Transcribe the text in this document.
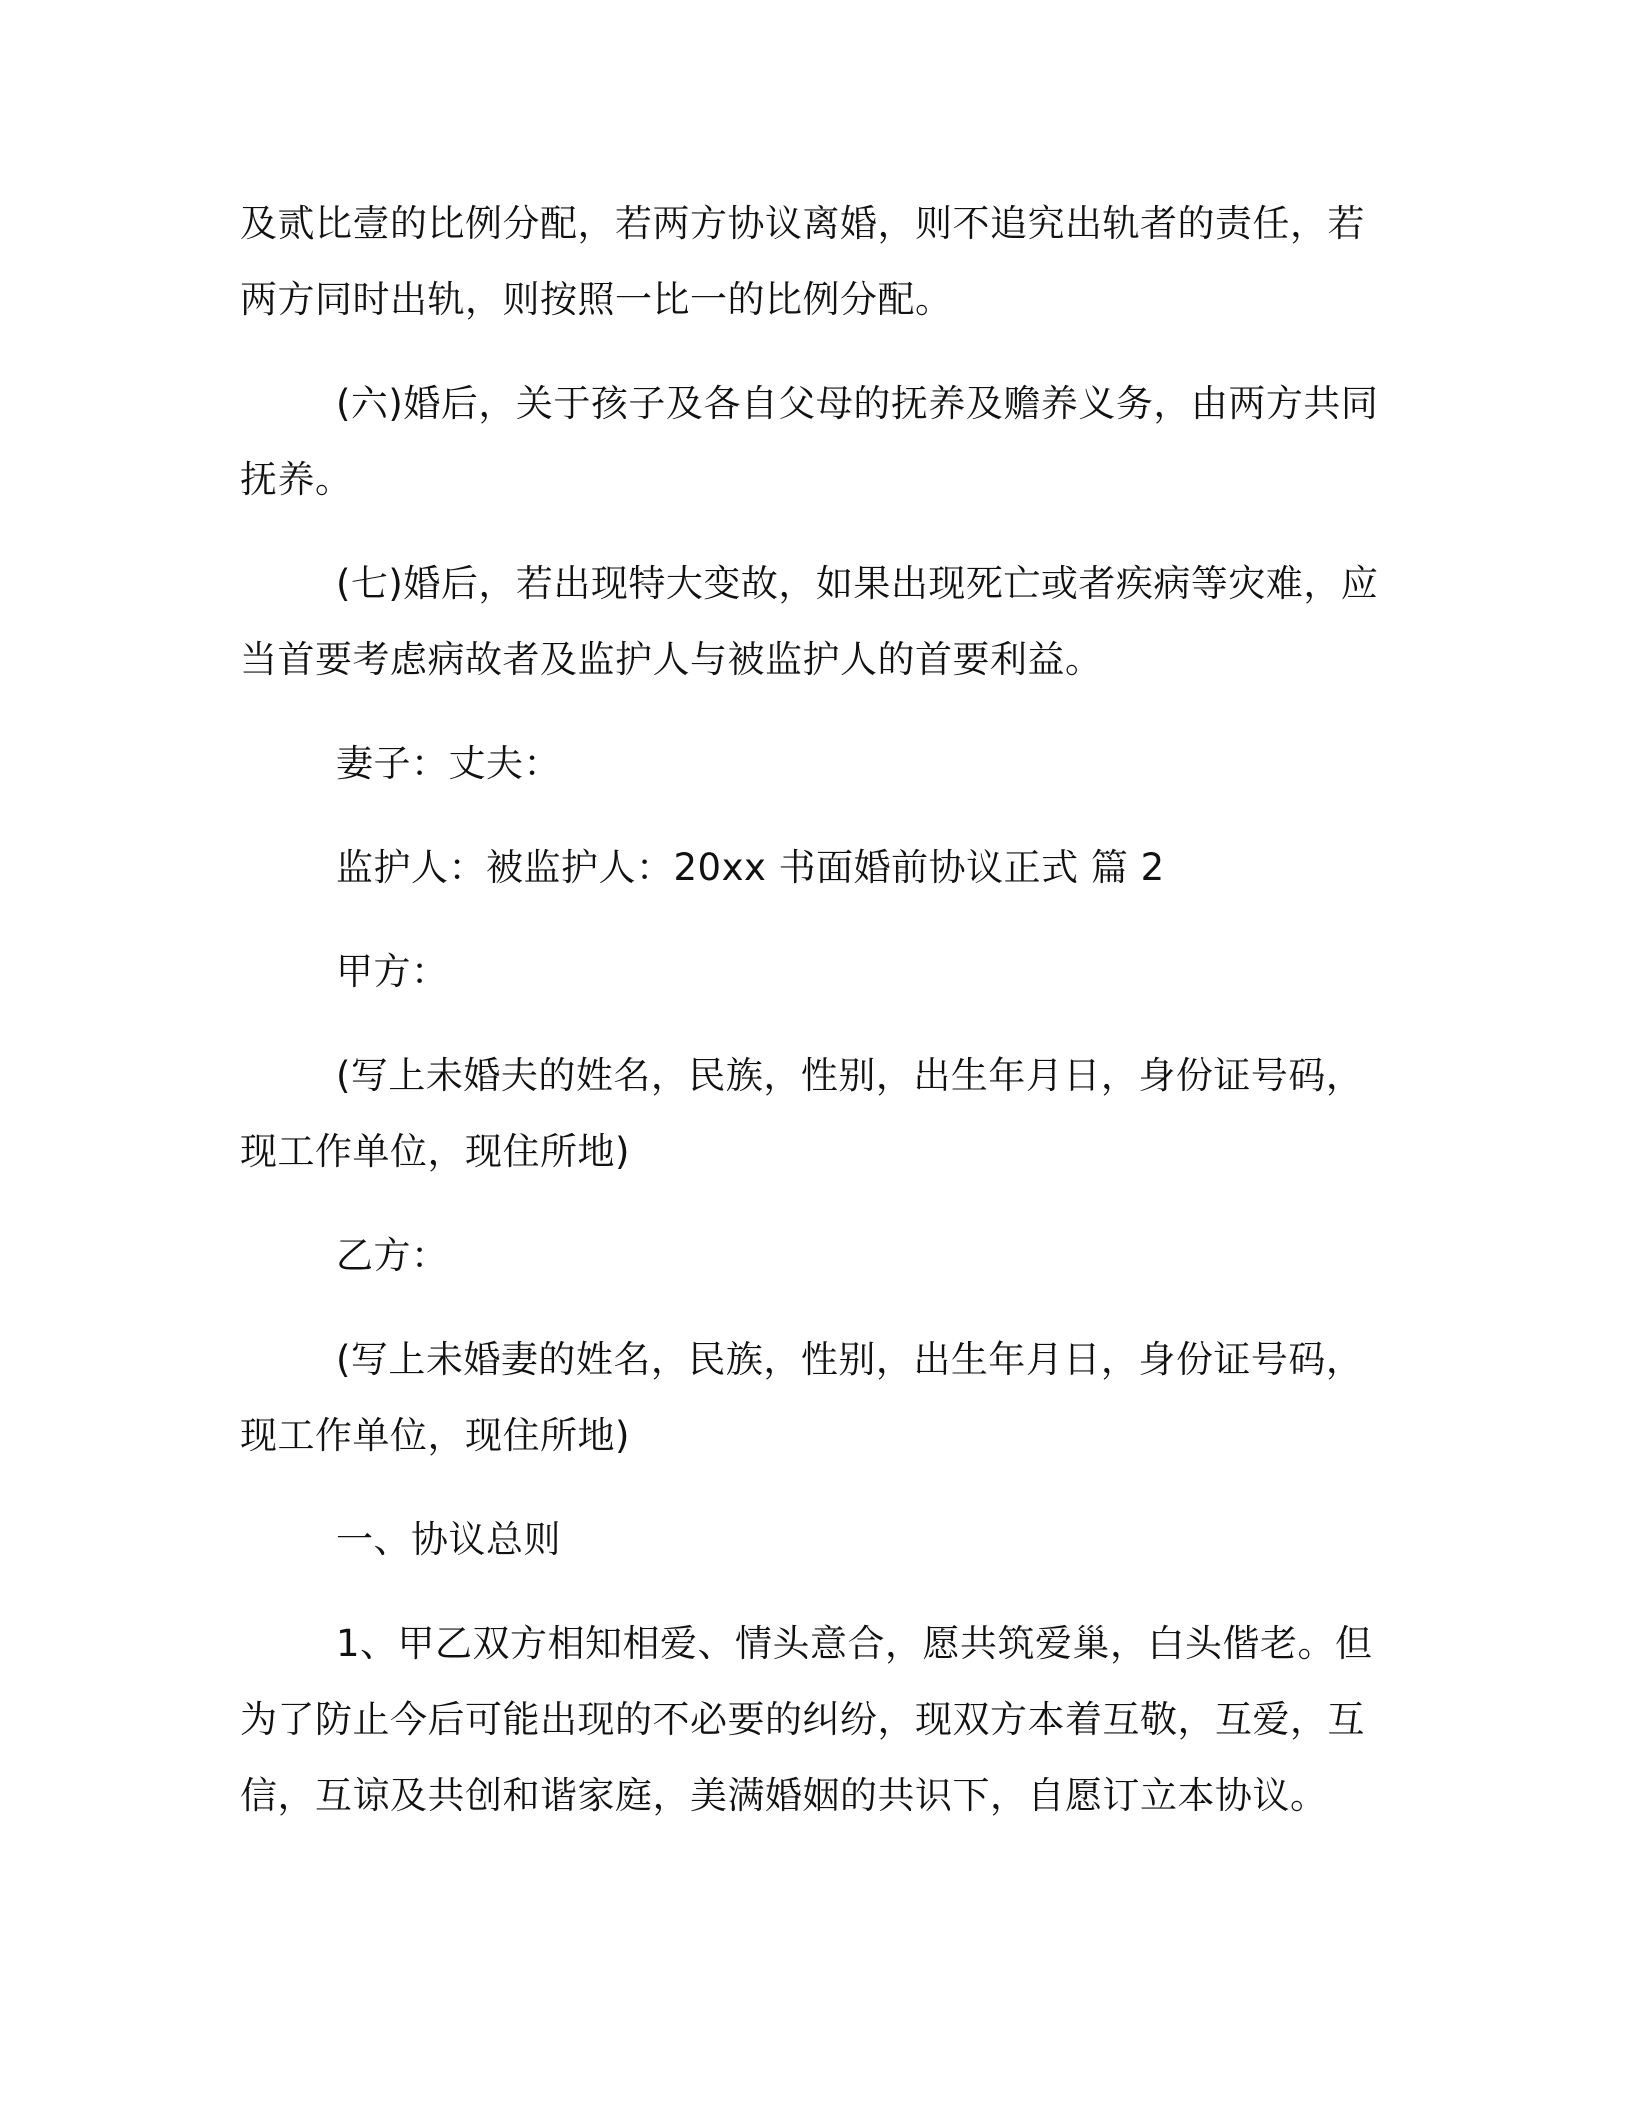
及贰比壹的比例分配，若两方协议离婚，则不追究出轨者的责任，若

两方同时出轨，则按照一比一的比例分配。

(六)婚后，关于孩子及各自父母的抚养及赡养义务，由两方共同

抚养。

(七)婚后，若出现特大变故，如果出现死亡或者疾病等灾难，应

当首要考虑病故者及监护人与被监护人的首要利益。

妻子：丈夫：

监护人：被监护人：20xx 书面婚前协议正式 篇 2

甲方：

(写上未婚夫的姓名，民族，性别，出生年月日，身份证号码，

现工作单位，现住所地)

乙方：

(写上未婚妻的姓名，民族，性别，出生年月日，身份证号码，

现工作单位，现住所地)

一、协议总则

1、甲乙双方相知相爱、情头意合，愿共筑爱巢，白头偕老。但

为了防止今后可能出现的不必要的纠纷，现双方本着互敬，互爱，互

信，互谅及共创和谐家庭，美满婚姻的共识下，自愿订立本协议。
